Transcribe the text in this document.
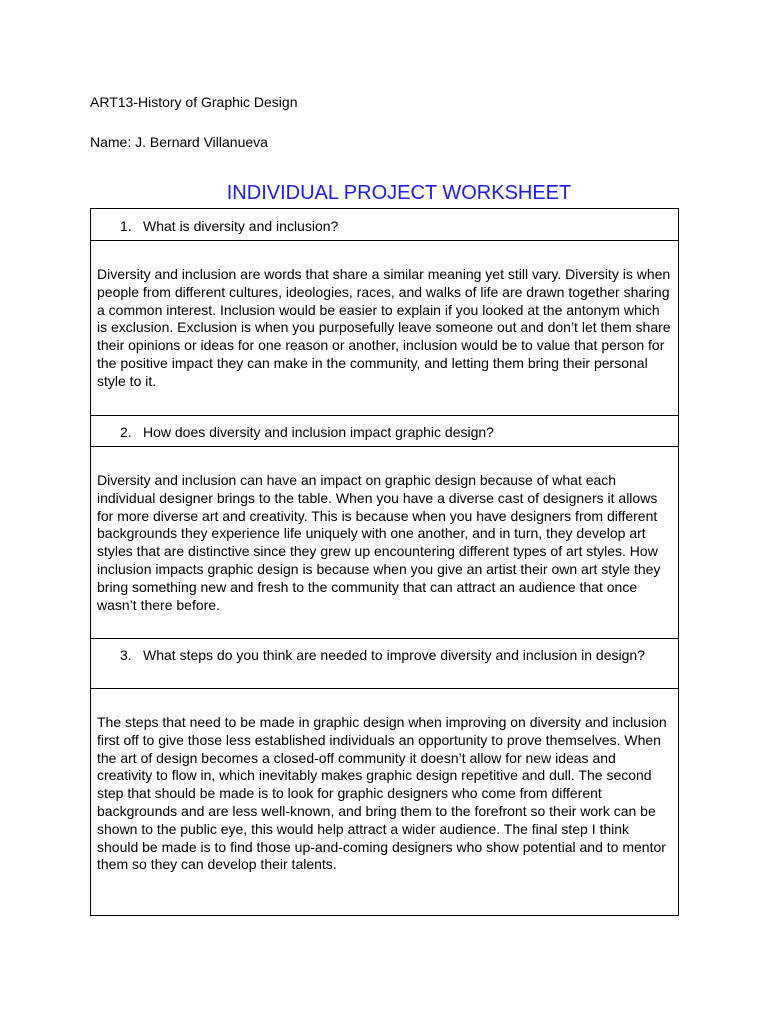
ART13-History of Graphic Design
Name: J. Bernard Villanueva
INDIVIDUAL PROJECT WORKSHEET
1. What is diversity and inclusion?

Diversity and inclusion are words that share a similar meaning yet still vary. Diversity is when people from different cultures, ideologies, races, and walks of life are drawn together sharing a common interest. Inclusion would be easier to explain if you looked at the antonym which is exclusion. Exclusion is when you purposefully leave someone out and don’t let them share their opinions or ideas for one reason or another, inclusion would be to value that person for the positive impact they can make in the community, and letting them bring their personal style to it.

2. How does diversity and inclusion impact graphic design?

Diversity and inclusion can have an impact on graphic design because of what each individual designer brings to the table. When you have a diverse cast of designers it allows for more diverse art and creativity. This is because when you have designers from different backgrounds they experience life uniquely with one another, and in turn, they develop art styles that are distinctive since they grew up encountering different types of art styles. How inclusion impacts graphic design is because when you give an artist their own art style they bring something new and fresh to the community that can attract an audience that once wasn’t there before.

3. What steps do you think are needed to improve diversity and inclusion in design?

The steps that need to be made in graphic design when improving on diversity and inclusion first off to give those less established individuals an opportunity to prove themselves. When the art of design becomes a closed-off community it doesn’t allow for new ideas and creativity to flow in, which inevitably makes graphic design repetitive and dull. The second step that should be made is to look for graphic designers who come from different backgrounds and are less well-known, and bring them to the forefront so their work can be shown to the public eye, this would help attract a wider audience. The final step I think should be made is to find those up-and-coming designers who show potential and to mentor them so they can develop their talents.
